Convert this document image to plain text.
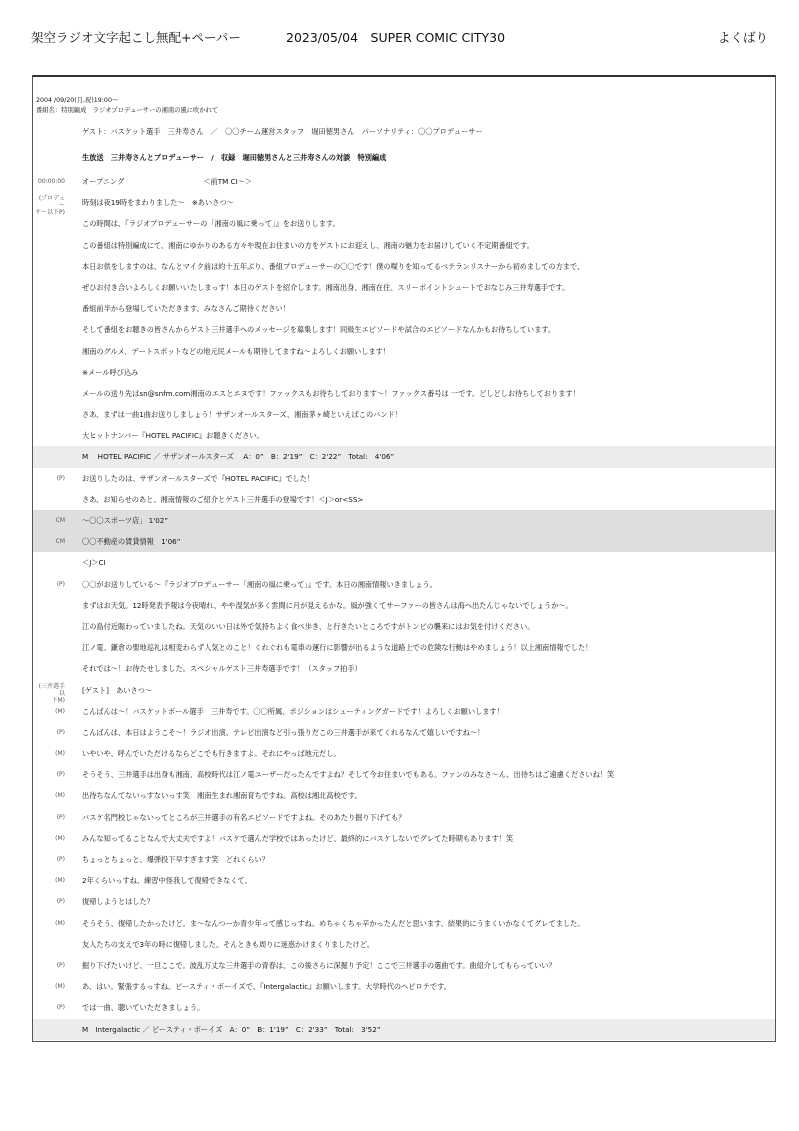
架空ラジオ文字起こし無配+ペーパー	2023/05/04　SUPER COMIC CITY30	よくばり
2004 /09/20(月,祝)19:00～
番組名：特別編成　ラジオプロデューサーの湘南の風に吹かれて
ゲスト：バスケット選手　三井寿さん　／　〇〇チーム運営スタッフ　堀田徳男さん　パーソナリティ：〇〇プロデューサー
生放送　三井寿さんとプロデューサー　/　収録　堀田徳男さんと三井寿さんの対談　特別編成
00:00:00 オープニング　　　　　　　　　　　＜前TM CI～＞
(プロデュー
サー以下P)
時刻は夜19時をまわりました～　※あいさつ～
この時間は、『ラジオプロデューサーの「湘南の風に乗って」』をお送りします。
この番組は特別編成にて、湘南にゆかりのある方々や現在お住まいの方をゲストにお迎えし、湘南の魅力をお届けしていく不定期番組です。
本日お供をしますのは、なんとマイク前は約十五年ぶり、番組プロデューサーの〇〇です！僕の喋りを知ってるベテランリスナーから初めましての方まで、
ぜひお付き合いよろしくお願いいたしまっす！本日のゲストを紹介します。湘南出身、湘南在住、スリーポイントシュートでおなじみ三井寿選手です。
番組前半から登場していただきます、みなさんご期待ください！
そして番組をお聴きの皆さんからゲスト三井選手へのメッセージを募集します！同級生エピソードや試合のエピソードなんかもお待ちしています。
湘南のグルメ、デートスポットなどの地元民メールも期待してますね～よろしくお願いします！
※メール呼び込み
メールの送り先はsn@snfm.com湘南のエスとエヌです！ファックスもお待ちしております～！ファックス番号は 一です。どしどしお待ちしております！
さあ、まずは一曲1曲お送りしましょう！サザンオールスターズ、湘南茅ヶ崎といえばこのバンド！
大ヒットナンバー『HOTEL PACIFIC』お聴きください。
M　 HOTEL PACIFIC ／ サザンオールスターズ　 A：0”　B：2'19”　C：2'22”　Total:　4'06”
(P) お送りしたのは、サザンオールスターズで『HOTEL PACIFIC』でした！
さあ、お知らせのあと、湘南情報のご紹介とゲスト三井選手の登場です！＜J＞or<SS>
CM ～〇〇スポーツ店」 1'02”
CM 〇〇不動産の賃貸情報　1'06”
＜J＞CI
(P) 〇〇がお送りしている～『ラジオプロデューサー「湘南の風に乗って」』です。本日の湘南情報いきましょう。
まずはお天気。12時発表予報は今夜晴れ、やや湿気が多く雲間に月が見えるかな。風が強くてサーファーの皆さんは海へ出たんじゃないでしょうか～。
江の島付近賑わっていましたね。天気のいい日は外で気持ちよく食べ歩き、と行きたいところですがトンビの襲来にはお気を付けください。
江ノ電、鎌倉の聖地巡礼は相変わらず人気とのこと！くれぐれも電車の運行に影響が出るような道路上での危険な行動はやめましょう！以上湘南情報でした！
それでは～！お待たせしました。スペシャルゲスト三井寿選手です！（スタッフ拍手）
(三井選手以
下M)
[ゲスト]　あいさつ～
(M) こんばんは～！バスケットボール選手　三井寿です。〇〇所属、ポジションはシューティングガードです！よろしくお願いします！
(P) こんばんは、本日はようこそ～！ラジオ出演、テレビ出演など引っ張りだこの三井選手が来てくれるなんて嬉しいですね～！
(M) いやいや、呼んでいただけるならどこでも行きますよ。それにやっぱ地元だし。
(P) そうそう、三井選手は出身も湘南、高校時代は江ノ電ユーザーだったんですよね？そして今お住まいでもある。ファンのみなさ～ん、出待ちはご遠慮くださいね！笑
(M) 出待ちなんてないっすないっす笑　湘南生まれ湘南育ちですね。高校は湘北高校です。
(P) バスケ名門校じゃないってところが三井選手の有名エピソードですよね。そのあたり掘り下げても？
(M) みんな知ってることなんで大丈夫ですよ！バスケで選んだ学校ではあったけど、最終的にバスケしないでグレてた時期もあります！笑
(P) ちょっとちょっと、爆弾投下早すぎます笑　どれくらい？
(M) 2年くらいっすね、練習中怪我して復帰できなくて。
(P) 復帰しようとはした？
(M) そうそう、復帰したかったけど。ま～なんつーか青少年って感じっすね。めちゃくちゃ辛かったんだと思います、結果的にうまくいかなくてグレてました。
友人たちの支えで3年の時に復帰しました。そんときも周りに迷惑かけまくりましたけど。
(P) 掘り下げたいけど、一旦ここで。波乱万丈な三井選手の青春は、この後さらに深掘り予定！ここで三井選手の選曲です。曲紹介してもらっていい？
(M) あ、はい。緊張するっすね。ビースティ・ボーイズで、『Intergalactic』お願いします。大学時代のヘビロテです。
(P) では一曲、聴いていただきましょう。
M　Intergalactic ／ ビースティ・ボーイズ　A：0”　B：1'19”　C：2'33”　Total:　3'52”
